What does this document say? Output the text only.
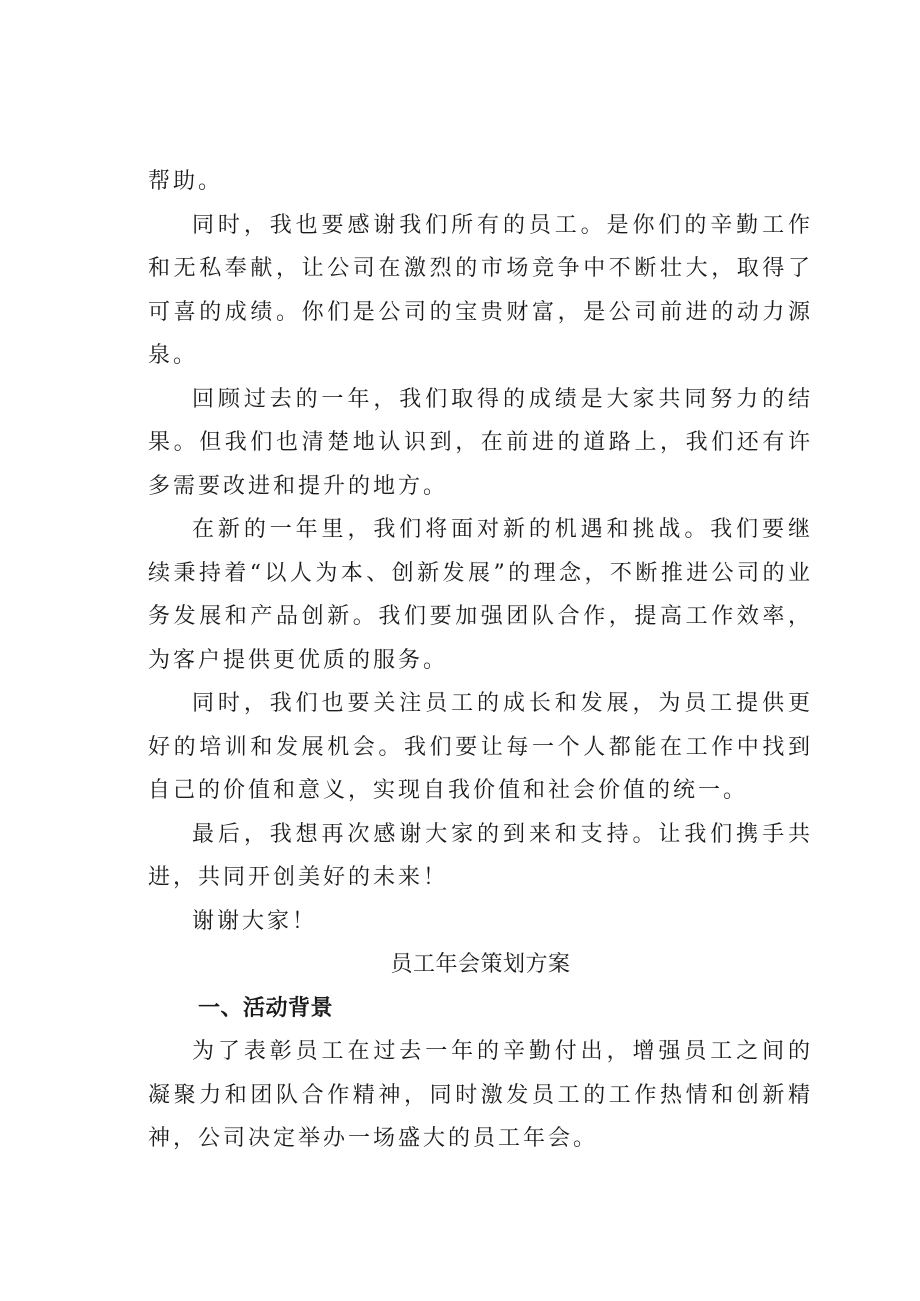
帮助。

同时，我也要感谢我们所有的员工。是你们的辛勤工作和无私奉献，让公司在激烈的市场竞争中不断壮大，取得了可喜的成绩。你们是公司的宝贵财富，是公司前进的动力源泉。

回顾过去的一年，我们取得的成绩是大家共同努力的结果。但我们也清楚地认识到，在前进的道路上，我们还有许多需要改进和提升的地方。

在新的一年里，我们将面对新的机遇和挑战。我们要继续秉持着“以人为本、创新发展”的理念，不断推进公司的业务发展和产品创新。我们要加强团队合作，提高工作效率，为客户提供更优质的服务。

同时，我们也要关注员工的成长和发展，为员工提供更好的培训和发展机会。我们要让每一个人都能在工作中找到自己的价值和意义，实现自我价值和社会价值的统一。

最后，我想再次感谢大家的到来和支持。让我们携手共进，共同开创美好的未来！

谢谢大家！

员工年会策划方案
一、活动背景

为了表彰员工在过去一年的辛勤付出，增强员工之间的凝聚力和团队合作精神，同时激发员工的工作热情和创新精神，公司决定举办一场盛大的员工年会。
